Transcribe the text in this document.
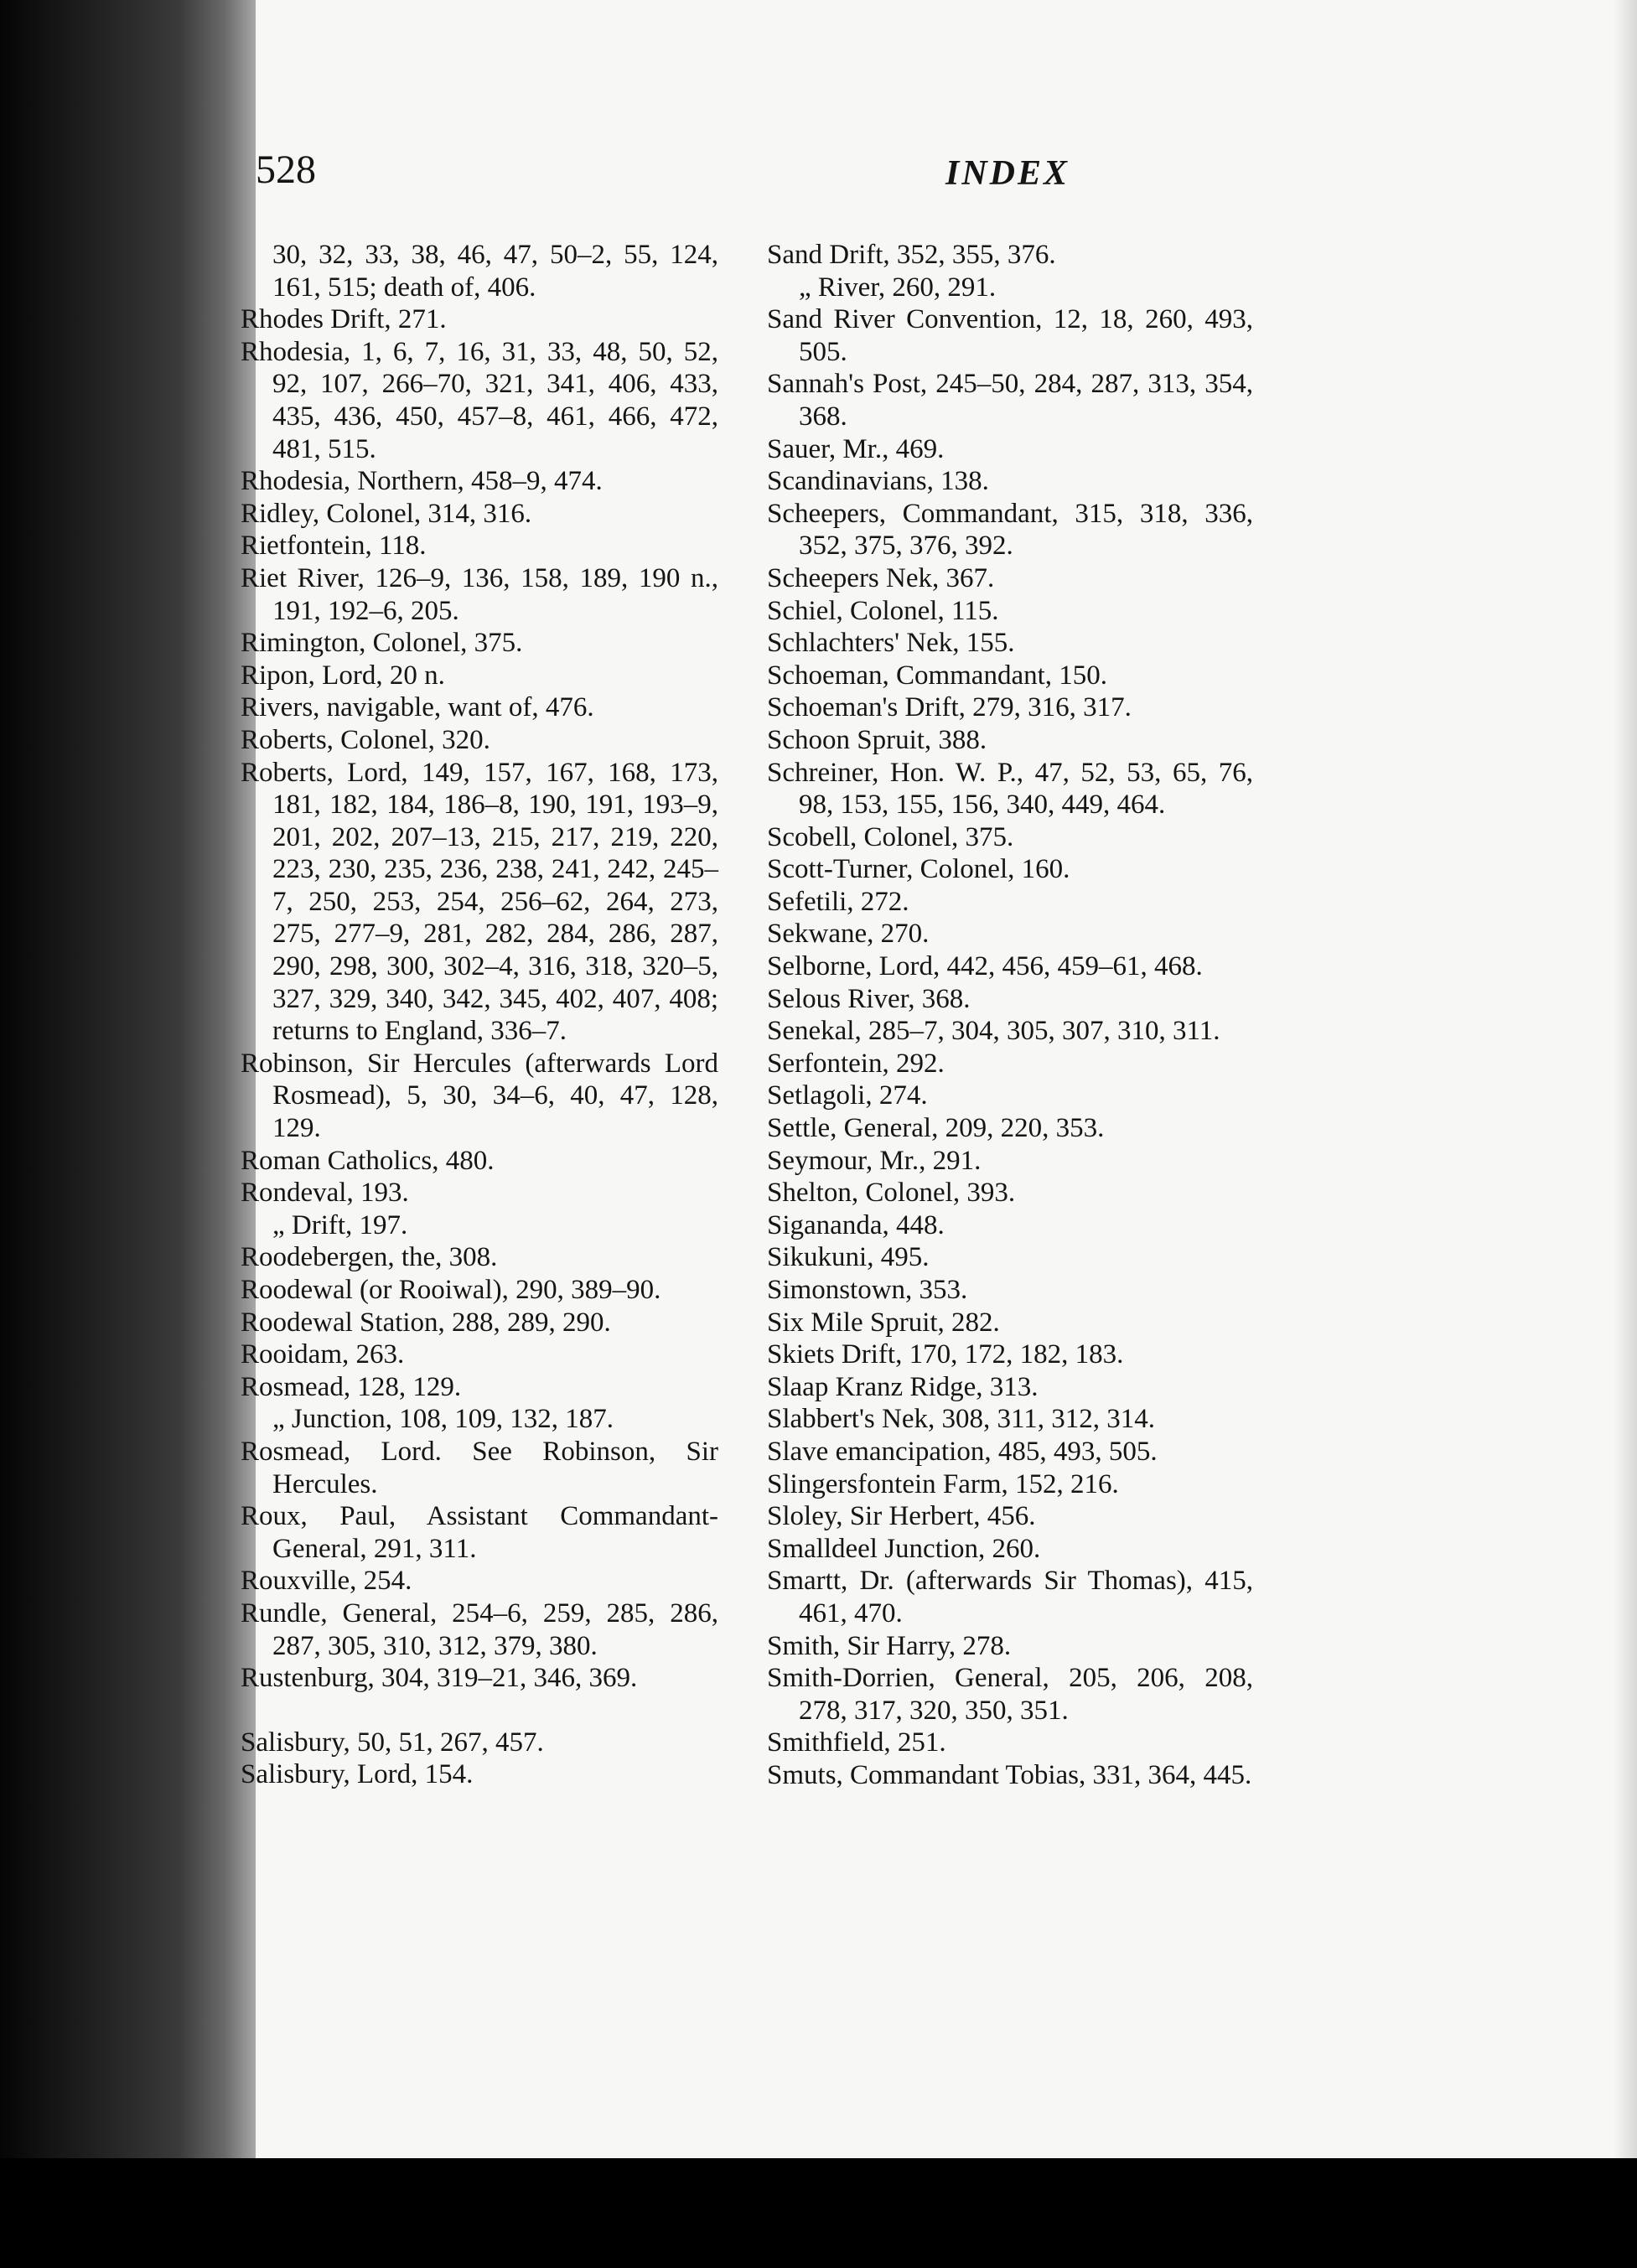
528	INDEX
30, 32, 33, 38, 46, 47, 50–2, 55, 124, 161, 515; death of, 406.
Rhodes Drift, 271.
Rhodesia, 1, 6, 7, 16, 31, 33, 48, 50, 52, 92, 107, 266–70, 321, 341, 406, 433, 435, 436, 450, 457–8, 461, 466, 472, 481, 515.
Rhodesia, Northern, 458–9, 474.
Ridley, Colonel, 314, 316.
Rietfontein, 118.
Riet River, 126–9, 136, 158, 189, 190 n., 191, 192–6, 205.
Rimington, Colonel, 375.
Ripon, Lord, 20 n.
Rivers, navigable, want of, 476.
Roberts, Colonel, 320.
Roberts, Lord, 149, 157, 167, 168, 173, 181, 182, 184, 186–8, 190, 191, 193–9, 201, 202, 207–13, 215, 217, 219, 220, 223, 230, 235, 236, 238, 241, 242, 245–7, 250, 253, 254, 256–62, 264, 273, 275, 277–9, 281, 282, 284, 286, 287, 290, 298, 300, 302–4, 316, 318, 320–5, 327, 329, 340, 342, 345, 402, 407, 408; returns to England, 336–7.
Robinson, Sir Hercules (afterwards Lord Rosmead), 5, 30, 34–6, 40, 47, 128, 129.
Roman Catholics, 480.
Rondeval, 193.
„ Drift, 197.
Roodebergen, the, 308.
Roodewal (or Rooiwal), 290, 389–90.
Roodewal Station, 288, 289, 290.
Rooidam, 263.
Rosmead, 128, 129.
„ Junction, 108, 109, 132, 187.
Rosmead, Lord. See Robinson, Sir Hercules.
Roux, Paul, Assistant Commandant-General, 291, 311.
Rouxville, 254.
Rundle, General, 254–6, 259, 285, 286, 287, 305, 310, 312, 379, 380.
Rustenburg, 304, 319–21, 346, 369.
Salisbury, 50, 51, 267, 457.
Salisbury, Lord, 154.
Sand Drift, 352, 355, 376.
„ River, 260, 291.
Sand River Convention, 12, 18, 260, 493, 505.
Sannah's Post, 245–50, 284, 287, 313, 354, 368.
Sauer, Mr., 469.
Scandinavians, 138.
Scheepers, Commandant, 315, 318, 336, 352, 375, 376, 392.
Scheepers Nek, 367.
Schiel, Colonel, 115.
Schlachters' Nek, 155.
Schoeman, Commandant, 150.
Schoeman's Drift, 279, 316, 317.
Schoon Spruit, 388.
Schreiner, Hon. W. P., 47, 52, 53, 65, 76, 98, 153, 155, 156, 340, 449, 464.
Scobell, Colonel, 375.
Scott-Turner, Colonel, 160.
Sefetili, 272.
Sekwane, 270.
Selborne, Lord, 442, 456, 459–61, 468.
Selous River, 368.
Senekal, 285–7, 304, 305, 307, 310, 311.
Serfontein, 292.
Setlagoli, 274.
Settle, General, 209, 220, 353.
Seymour, Mr., 291.
Shelton, Colonel, 393.
Sigananda, 448.
Sikukuni, 495.
Simonstown, 353.
Six Mile Spruit, 282.
Skiets Drift, 170, 172, 182, 183.
Slaap Kranz Ridge, 313.
Slabbert's Nek, 308, 311, 312, 314.
Slave emancipation, 485, 493, 505.
Slingersfontein Farm, 152, 216.
Sloley, Sir Herbert, 456.
Smalldeel Junction, 260.
Smartt, Dr. (afterwards Sir Thomas), 415, 461, 470.
Smith, Sir Harry, 278.
Smith-Dorrien, General, 205, 206, 208, 278, 317, 320, 350, 351.
Smithfield, 251.
Smuts, Commandant Tobias, 331, 364, 445.
